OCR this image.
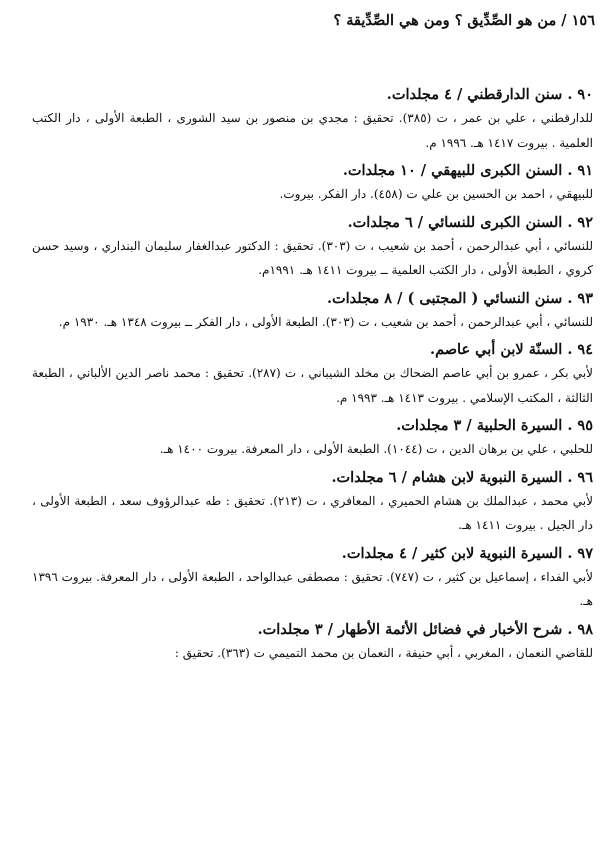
١٥٦ / من هو الصِّدِّيق ؟ ومن هي الصِّدِّيقة ؟
٩٠ . سنن الدارقطني / ٤ مجلدات.

للدارقطني ، علي بن عمر ، ت (٣٨٥). تحقيق : مجدي بن منصور بن سيد الشورى ، الطبعة الأولى ، دار الكتب العلمية . بيروت ١٤١٧ هـ. ١٩٩٦ م.

٩١ . السنن الكبرى للبيهقي / ١٠ مجلدات.

للبيهقي ، احمد بن الحسين بن علي ت (٤٥٨). دار الفكر. بيروت.

٩٢ . السنن الكبرى للنسائي / ٦ مجلدات.

للنسائي ، أبي عبدالرحمن ، أحمد بن شعيب ، ت (٣٠٣). تحقيق : الدكتور عبدالغفار سليمان البنداري ، وسيد حسن كروي ، الطبعة الأولى ، دار الكتب العلمية ــ بيروت ١٤١١ هـ. ١٩٩١م.

٩٣ . سنن النسائي ( المجتبى ) / ٨ مجلدات.

للنسائي ، أبي عبدالرحمن ، أحمد بن شعيب ، ت (٣٠٣). الطبعة الأولى ، دار الفكر ــ بيروت ١٣٤٨ هـ. ١٩٣٠ م.

٩٤ . السنّة لابن أبي عاصم.

لأبي بكر ، عمرو بن أبي عاصم الضحاك بن مخلد الشيباني ، ت (٢٨٧). تحقيق : محمد ناصر الدين الألباني ، الطبعة الثالثة ، المكتب الإسلامي . بيروت ١٤١٣ هـ. ١٩٩٣ م.

٩٥ . السيرة الحلبية / ٣ مجلدات.

للحلبي ، علي بن برهان الدين ، ت (١٠٤٤). الطبعة الأولى ، دار المعرفة. بيروت ١٤٠٠ هـ.

٩٦ . السيرة النبوية لابن هشام / ٦ مجلدات.

لأبي محمد ، عبدالملك بن هشام الحميري ، المعافري ، ت (٢١٣). تحقيق : طه عبدالرؤوف سعد ، الطبعة الأولى ، دار الجيل . بيروت ١٤١١ هـ.

٩٧ . السيرة النبوية لابن كثير / ٤ مجلدات.

لأبي الفداء ، إسماعيل بن كثير ، ت (٧٤٧). تحقيق : مصطفى عبدالواحد ، الطبعة الأولى ، دار المعرفة. بيروت ١٣٩٦ هـ.

٩٨ . شرح الأخبار في فضائل الأئمة الأطهار / ٣ مجلدات.

للقاضي النعمان ، المغربي ، أبي حنيفة ، النعمان بن محمد التميمي ت (٣٦٣). تحقيق :
